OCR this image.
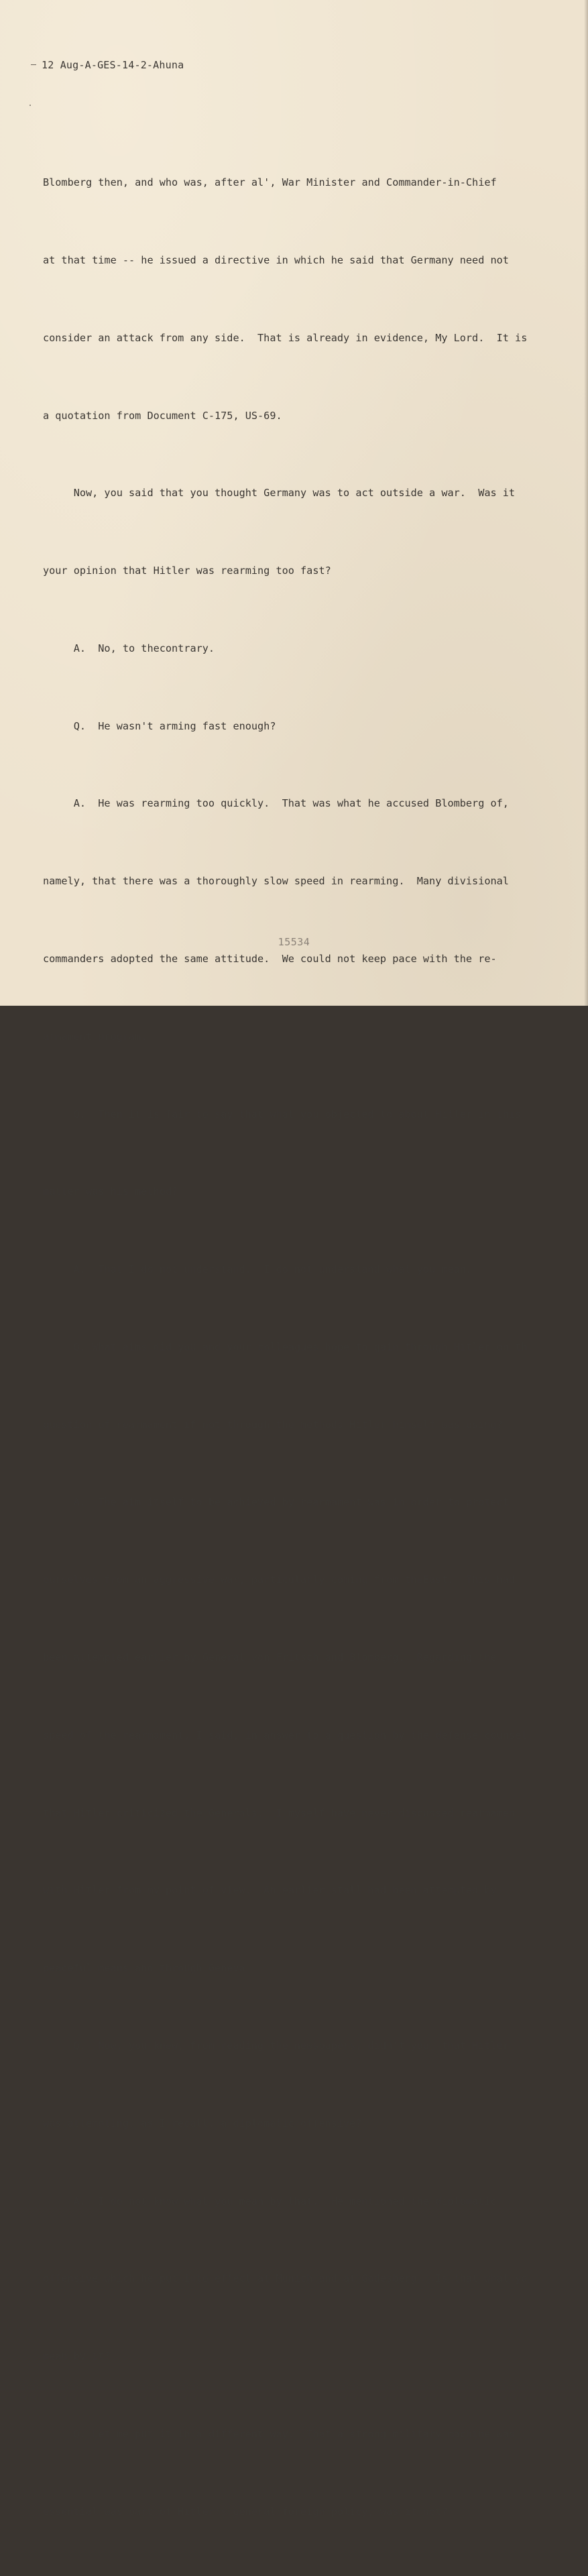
12 Aug-A-GES-14-2-Ahuna

Blomberg then, and who was, after al', War Minister and Commander-in-Chief

at that time -- he issued a directive in which he said that Germany need not

consider an attack from any side.  That is already in evidence, My Lord.  It is

a quotation from Document C-175, US-69.

Now, you said that you thought Germany was to act outside a war.  Was it

your opinion that Hitler was rearming too fast?

A.  No, to thecontrary.

Q.  He wasn't arming fast enough?

A.  He was rearming too quickly.  That was what he accused Blomberg of,

namely, that there was a thoroughly slow speed in rearming.  Many divisional

commanders adopted the same attitude.  We could not keep pace with the re-

armament program.

Q.  Then it is fair to say that what you objected to about Hitler in this

matter was his method?

A.  That I do not understand.  I do not understand what you mean.

Q. What aims did you and your colleagues hope to gain through Hitler on th

question of rearmament if not through the methods Hitler himself was using?

A.  The aim itself to be achieved by rearmament was in order to protect

ourselves from an aggressive war, particularly coming from theEast.  This had

been attempted earlier by General von Fritsch and Blomberg.  Regarding the

speed of the rearmament, I said, in answer to a question by the defense counsel

that Hitler criticized the Generals.  I myself have never discussed rearmamen

with Hitler from my point of view.  An earlier stall had been attempted by

peaceful means and through Geneva

Q.  Now, you knew, from reading the newspapers, didn't you, that Hitler

was attempting, as I recall, a diplomatic offensive?

A.  I do not know what you mean by that.  He mentioned the diplomatic

offensive which he put into effect at Munich and at Godesberg.  Is that what yo

mean by it?

Q. Let me put it in a different way.  That a strong military machine was

essential was part of Hitler's general foreign policy, was it not?

15534
